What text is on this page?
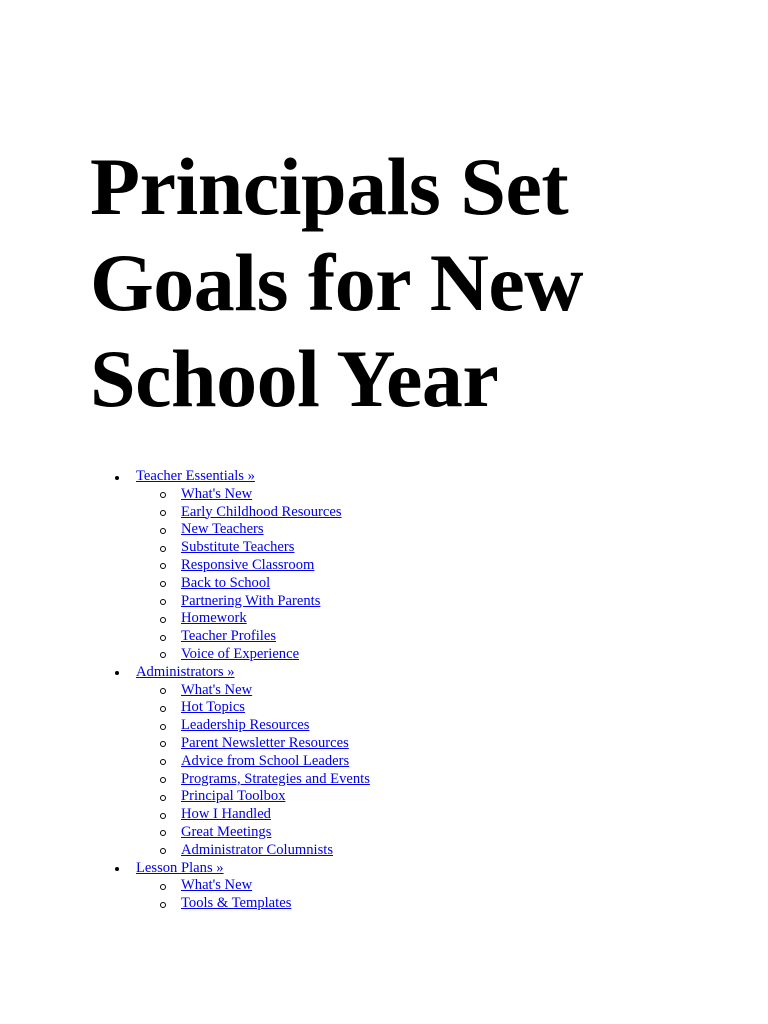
Principals Set
Goals for New
School Year
Teacher Essentials »
What's New
Early Childhood Resources
New Teachers
Substitute Teachers
Responsive Classroom
Back to School
Partnering With Parents
Homework
Teacher Profiles
Voice of Experience
Administrators »
What's New
Hot Topics
Leadership Resources
Parent Newsletter Resources
Advice from School Leaders
Programs, Strategies and Events
Principal Toolbox
How I Handled
Great Meetings
Administrator Columnists
Lesson Plans »
What's New
Tools & Templates
